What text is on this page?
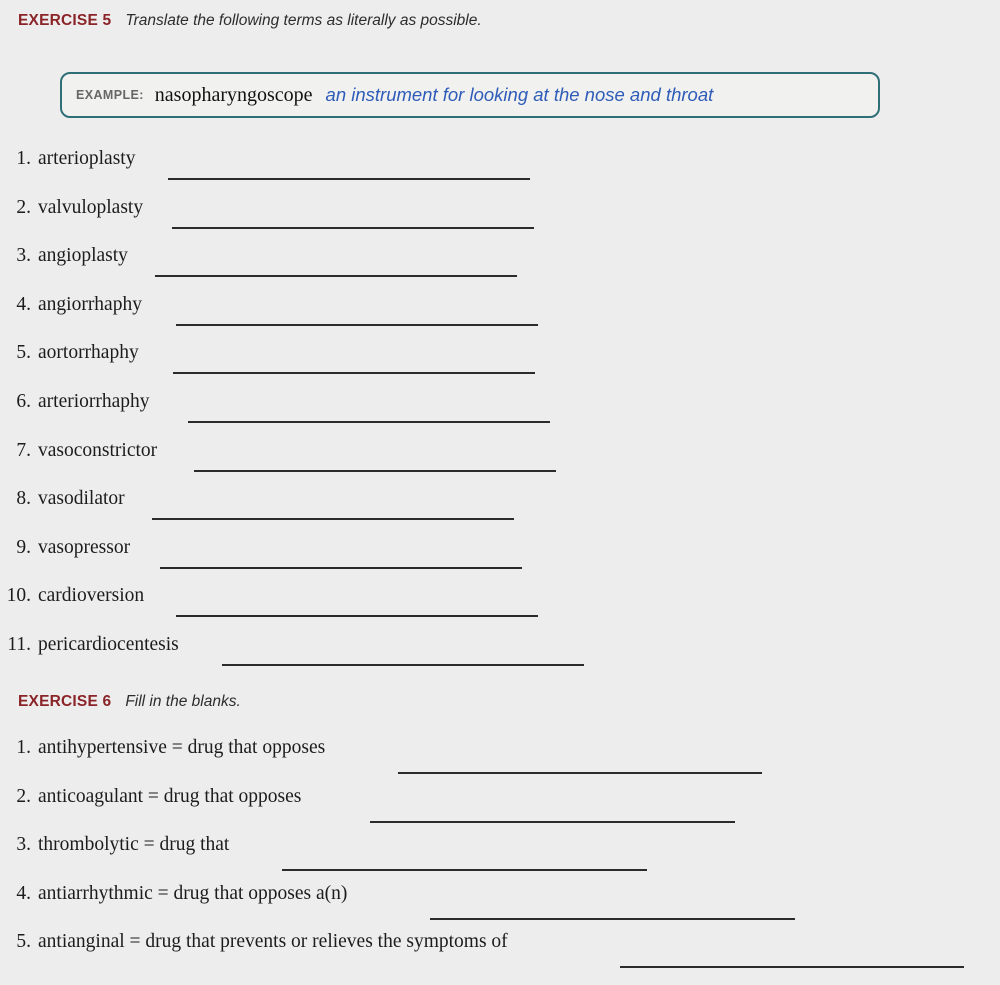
EXERCISE 5 Translate the following terms as literally as possible.
EXAMPLE: nasopharyngoscope an instrument for looking at the nose and throat
1. arterioplasty
2. valvuloplasty
3. angioplasty
4. angiorrhaphy
5. aortorrhaphy
6. arteriorrhaphy
7. vasoconstrictor
8. vasodilator
9. vasopressor
10. cardioversion
11. pericardiocentesis
EXERCISE 6 Fill in the blanks.
1. antihypertensive = drug that opposes
2. anticoagulant = drug that opposes
3. thrombolytic = drug that
4. antiarrhythmic = drug that opposes a(n)
5. antianginal = drug that prevents or relieves the symptoms of
